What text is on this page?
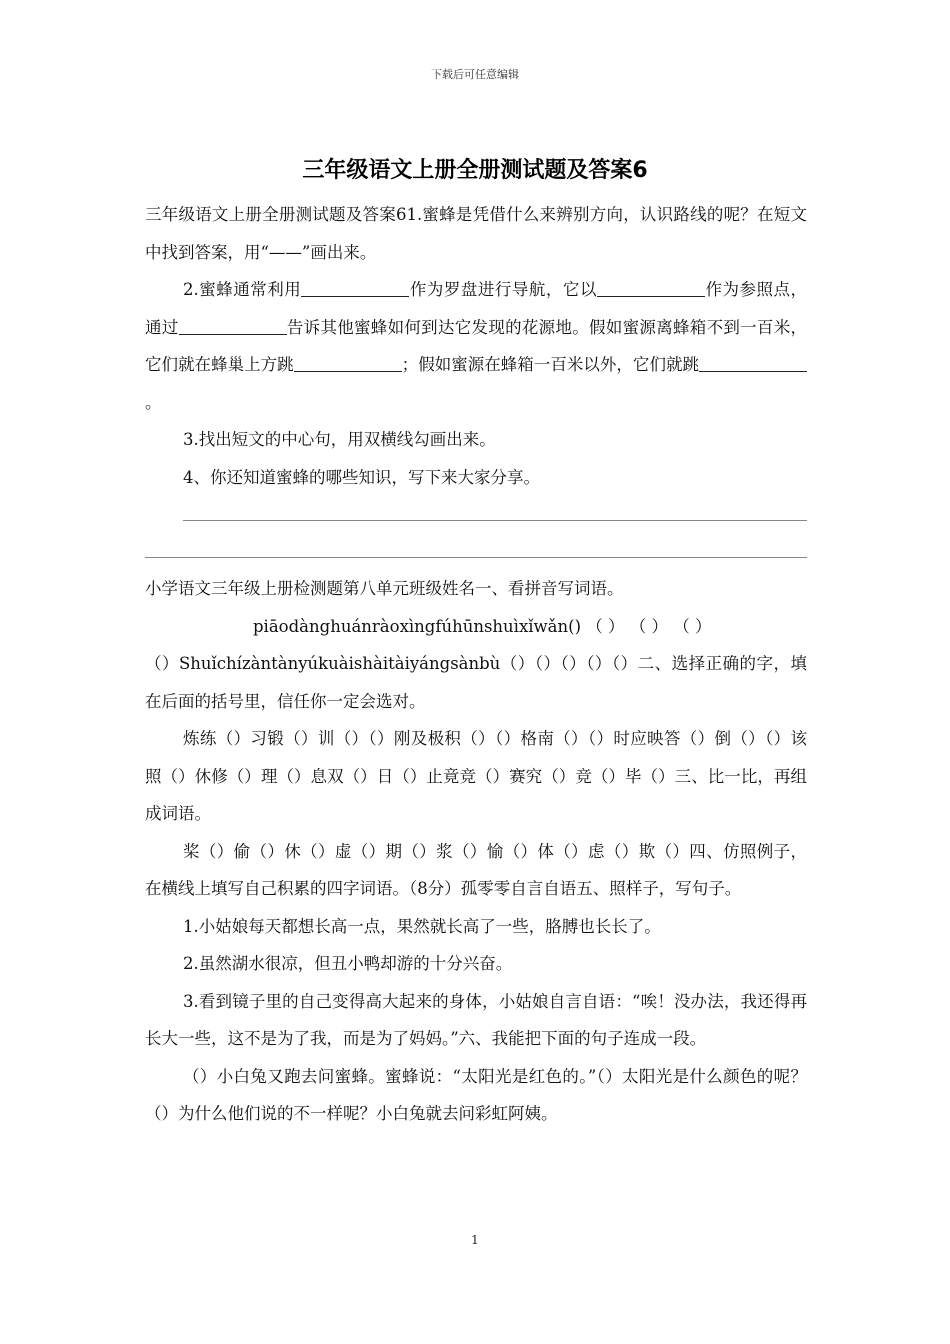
下载后可任意编辑
三年级语文上册全册测试题及答案6

三年级语文上册全册测试题及答案61.蜜蜂是凭借什么来辨别方向，认识路线的呢？在短文中找到答案，用“——”画出来。

2.蜜蜂通常利用	作为罗盘进行导航，它以	作为参照点，通过	告诉其他蜜蜂如何到达它发现的花源地。假如蜜源离蜂箱不到一百米，它们就在蜂巢上方跳	；假如蜜源在蜂箱一百米以外，它们就跳。

3.找出短文的中心句，用双横线勾画出来。

4、你还知道蜜蜂的哪些知识，写下来大家分享。

小学语文三年级上册检测题第八单元班级姓名一、看拼音写词语。

piāodànghuánràoxìngfúhūnshuìxǐwǎn() （ ） （ ） （ ）

（）Shuǐchízàntànyúkuàishàitàiyángsànbù（）（）（）（）（）二、选择正确的字，填在后面的括号里，信任你一定会选对。

炼练（）习锻（）训（）（）刚及极积（）（）格南（）（）时应映答（）倒（）（）该照（）休修（）理（）息双（）日（）止竟竞（）赛究（）竞（）毕（）三、比一比，再组成词语。

桨（）偷（）休（）虚（）期（）浆（）愉（）体（）虑（）欺（）四、仿照例子，在横线上填写自己积累的四字词语。（8分）孤零零自言自语五、照样子，写句子。

1.小姑娘每天都想长高一点，果然就长高了一些，胳膊也长长了。

2.虽然湖水很凉，但丑小鸭却游的十分兴奋。

3.看到镜子里的自己变得高大起来的身体，小姑娘自言自语：“唉！没办法，我还得再长大一些，这不是为了我，而是为了妈妈。”六、我能把下面的句子连成一段。

（）小白兔又跑去问蜜蜂。蜜蜂说：“太阳光是红色的。”（）太阳光是什么颜色的呢？（）为什么他们说的不一样呢？小白兔就去问彩虹阿姨。

1
